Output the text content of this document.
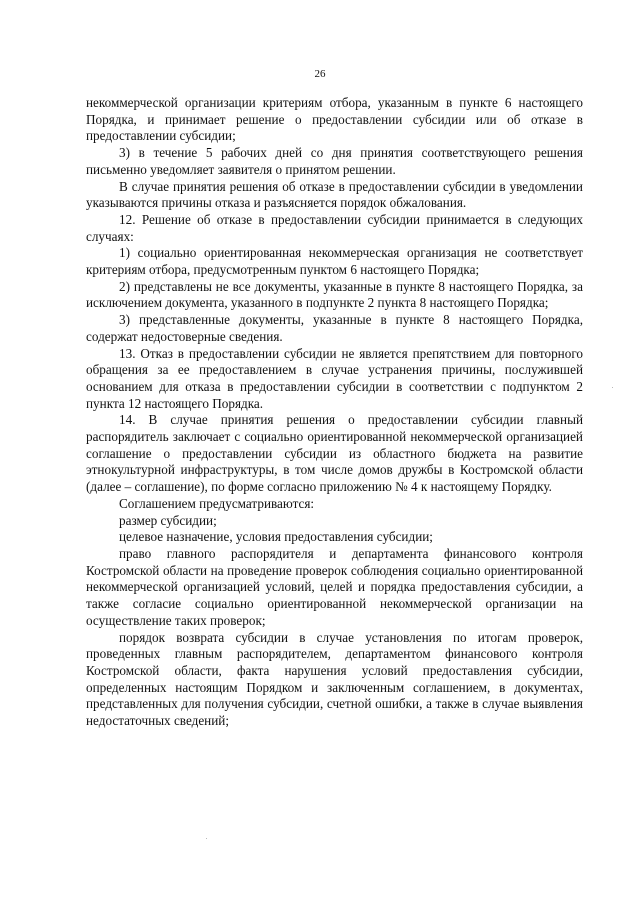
26

некоммерческой организации критериям отбора, указанным в пункте 6 настоящего Порядка, и принимает решение о предоставлении субсидии или об отказе в предоставлении субсидии;

3) в течение 5 рабочих дней со дня принятия соответствующего решения письменно уведомляет заявителя о принятом решении.

В случае принятия решения об отказе в предоставлении субсидии в уведомлении указываются причины отказа и разъясняется порядок обжалования.

12. Решение об отказе в предоставлении субсидии принимается в следующих случаях:

1) социально ориентированная некоммерческая организация не соответствует критериям отбора, предусмотренным пунктом 6 настоящего Порядка;

2) представлены не все документы, указанные в пункте 8 настоящего Порядка, за исключением документа, указанного в подпункте 2 пункта 8 настоящего Порядка;

3) представленные документы, указанные в пункте 8 настоящего Порядка, содержат недостоверные сведения.

13. Отказ в предоставлении субсидии не является препятствием для повторного обращения за ее предоставлением в случае устранения причины, послужившей основанием для отказа в предоставлении субсидии в соответствии с подпунктом 2 пункта 12 настоящего Порядка.

14. В случае принятия решения о предоставлении субсидии главный распорядитель заключает с социально ориентированной некоммерческой организацией соглашение о предоставлении субсидии из областного бюджета на развитие этнокультурной инфраструктуры, в том числе домов дружбы в Костромской области (далее – соглашение), по форме согласно приложению № 4 к настоящему Порядку.

Соглашением предусматриваются:

размер субсидии;

целевое назначение, условия предоставления субсидии;

право главного распорядителя и департамента финансового контроля Костромской области на проведение проверок соблюдения социально ориентированной некоммерческой организацией условий, целей и порядка предоставления субсидии, а также согласие социально ориентированной некоммерческой организации на осуществление таких проверок;

порядок возврата субсидии в случае установления по итогам проверок, проведенных главным распорядителем, департаментом финансового контроля Костромской области, факта нарушения условий предоставления субсидии, определенных настоящим Порядком и заключенным соглашением, в документах, представленных для получения субсидии, счетной ошибки, а также в случае выявления недостаточных сведений;
